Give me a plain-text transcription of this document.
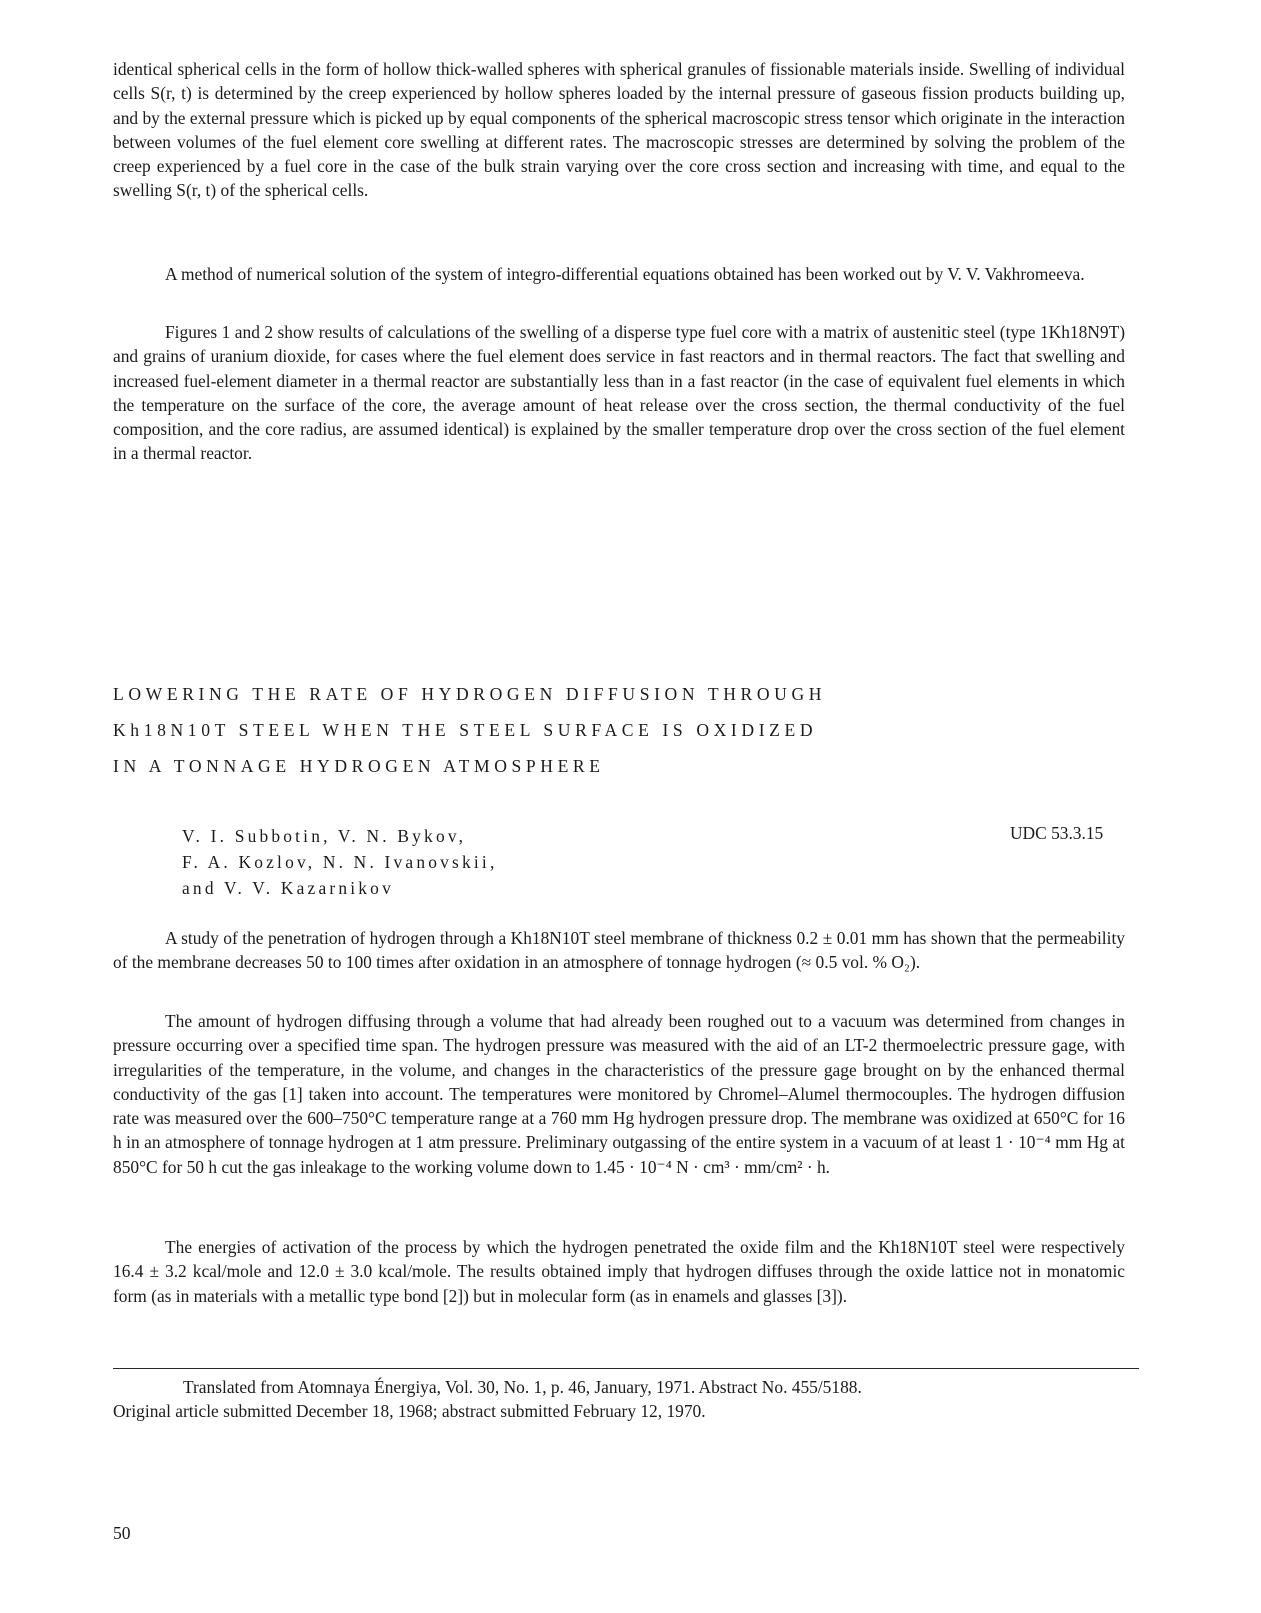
identical spherical cells in the form of hollow thick-walled spheres with spherical granules of fissionable materials inside. Swelling of individual cells S(r, t) is determined by the creep experienced by hollow spheres loaded by the internal pressure of gaseous fission products building up, and by the external pressure which is picked up by equal components of the spherical macroscopic stress tensor which originate in the interaction between volumes of the fuel element core swelling at different rates. The macroscopic stresses are determined by solving the problem of the creep experienced by a fuel core in the case of the bulk strain varying over the core cross section and increasing with time, and equal to the swelling S(r, t) of the spherical cells.

A method of numerical solution of the system of integro-differential equations obtained has been worked out by V. V. Vakhromeeva.

Figures 1 and 2 show results of calculations of the swelling of a disperse type fuel core with a matrix of austenitic steel (type 1Kh18N9T) and grains of uranium dioxide, for cases where the fuel element does service in fast reactors and in thermal reactors. The fact that swelling and increased fuel-element diameter in a thermal reactor are substantially less than in a fast reactor (in the case of equivalent fuel elements in which the temperature on the surface of the core, the average amount of heat release over the cross section, the thermal conductivity of the fuel composition, and the core radius, are assumed identical) is explained by the smaller temperature drop over the cross section of the fuel element in a thermal reactor.

LOWERING THE RATE OF HYDROGEN DIFFUSION THROUGH

Kh18N10T STEEL WHEN THE STEEL SURFACE IS OXIDIZED

IN A TONNAGE HYDROGEN ATMOSPHERE

V. I. Subbotin, V. N. Bykov,
F. A. Kozlov, N. N. Ivanovskii,
and V. V. Kazarnikov

UDC 53.3.15

A study of the penetration of hydrogen through a Kh18N10T steel membrane of thickness 0.2 ± 0.01 mm has shown that the permeability of the membrane decreases 50 to 100 times after oxidation in an atmosphere of tonnage hydrogen (≈ 0.5 vol. % O₂).

The amount of hydrogen diffusing through a volume that had already been roughed out to a vacuum was determined from changes in pressure occurring over a specified time span. The hydrogen pressure was measured with the aid of an LT-2 thermoelectric pressure gage, with irregularities of the temperature, in the volume, and changes in the characteristics of the pressure gage brought on by the enhanced thermal conductivity of the gas [1] taken into account. The temperatures were monitored by Chromel–Alumel thermocouples. The hydrogen diffusion rate was measured over the 600–750°C temperature range at a 760 mm Hg hydrogen pressure drop. The membrane was oxidized at 650°C for 16 h in an atmosphere of tonnage hydrogen at 1 atm pressure. Preliminary outgassing of the entire system in a vacuum of at least 1 · 10⁻⁴ mm Hg at 850°C for 50 h cut the gas inleakage to the working volume down to 1.45 · 10⁻⁴ N · cm³ · mm/cm² · h.

The energies of activation of the process by which the hydrogen penetrated the oxide film and the Kh18N10T steel were respectively 16.4 ± 3.2 kcal/mole and 12.0 ± 3.0 kcal/mole. The results obtained imply that hydrogen diffuses through the oxide lattice not in monatomic form (as in materials with a metallic type bond [2]) but in molecular form (as in enamels and glasses [3]).

Translated from Atomnaya Énergiya, Vol. 30, No. 1, p. 46, January, 1971. Abstract No. 455/5188.
Original article submitted December 18, 1968; abstract submitted February 12, 1970.

50
